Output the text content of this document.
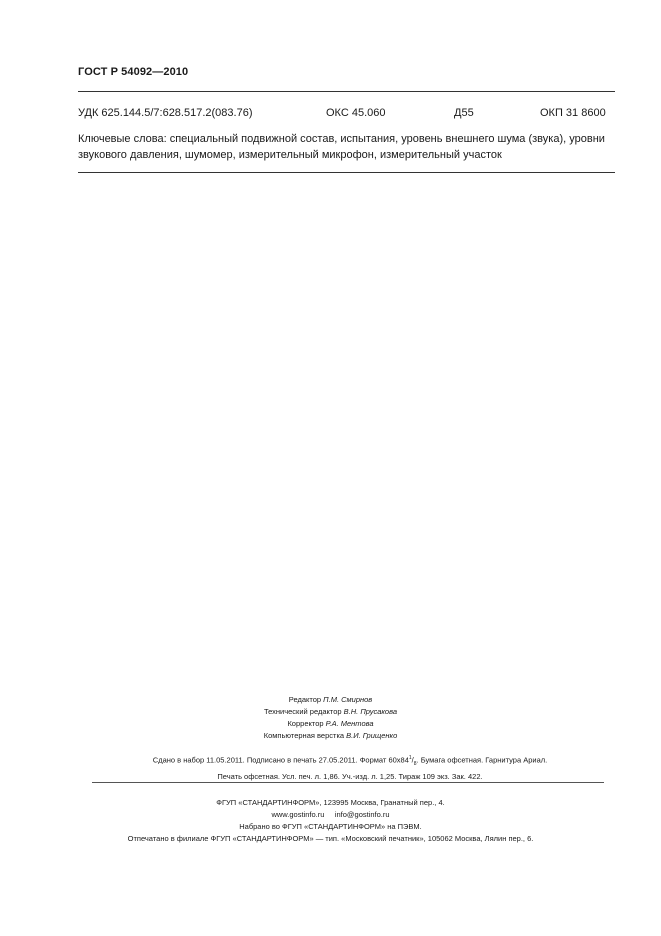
ГОСТ Р 54092—2010
УДК 625.144.5/7:628.517.2(083.76)	ОКС 45.060	Д55	ОКП 31 8600
Ключевые слова: специальный подвижной состав, испытания, уровень внешнего шума (звука), уровни звукового давления, шумомер, измерительный микрофон, измерительный участок
Редактор П.М. Смирнов
Технический редактор В.Н. Прусакова
Корректор Р.А. Ментова
Компьютерная верстка В.И. Грищенко
Сдано в набор 11.05.2011. Подписано в печать 27.05.2011. Формат $60х84^1/_8$. Бумага офсетная. Гарнитура Ариал.
Печать офсетная. Усл. печ. л. 1,86. Уч.-изд. л. 1,25. Тираж 109 экз. Зак. 422.
ФГУП «СТАНДАРТИНФОРМ», 123995 Москва, Гранатный пер., 4.
www.gostinfo.ru info@gostinfo.ru
Набрано во ФГУП «СТАНДАРТИНФОРМ» на ПЭВМ.
Отпечатано в филиале ФГУП «СТАНДАРТИНФОРМ» — тип. «Московский печатник», 105062 Москва, Лялин пер., 6.
